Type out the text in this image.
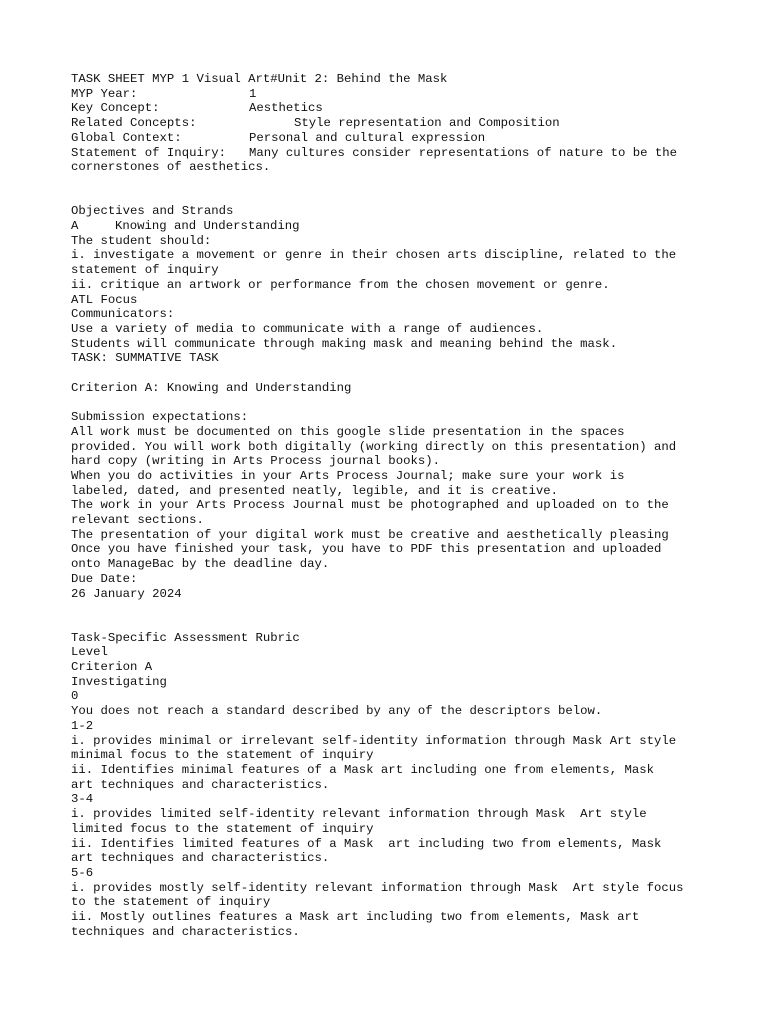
TASK SHEET MYP 1 Visual Art#Unit 2: Behind the Mask

MYP Year:	1
Key Concept:	Aesthetics
Related Concepts:	Style representation and Composition
Global Context:	Personal and cultural expression
Statement of Inquiry:	Many cultures consider representations of nature to be the

cornerstones of aesthetics.

Objectives and Strands

A	Knowing and Understanding

The student should:

i. investigate a movement or genre in their chosen arts discipline, related to the

statement of inquiry

ii. critique an artwork or performance from the chosen movement or genre.

ATL Focus

Communicators:

Use a variety of media to communicate with a range of audiences.

Students will communicate through making mask and meaning behind the mask.

TASK: SUMMATIVE TASK

Criterion A: Knowing and Understanding

Submission expectations:

All work must be documented on this google slide presentation in the spaces

provided. You will work both digitally (working directly on this presentation) and

hard copy (writing in Arts Process journal books).

When you do activities in your Arts Process Journal; make sure your work is

labeled, dated, and presented neatly, legible, and it is creative.

The work in your Arts Process Journal must be photographed and uploaded on to the

relevant sections.

The presentation of your digital work must be creative and aesthetically pleasing

Once you have finished your task, you have to PDF this presentation and uploaded

onto ManageBac by the deadline day.

Due Date:

26 January 2024

Task-Specific Assessment Rubric

Level

Criterion A

Investigating

0

You does not reach a standard described by any of the descriptors below.

1-2

i. provides minimal or irrelevant self-identity information through Mask Art style

minimal focus to the statement of inquiry

ii. Identifies minimal features of a Mask art including one from elements, Mask

art techniques and characteristics.

3-4

i. provides limited self-identity relevant information through Mask  Art style

limited focus to the statement of inquiry

ii. Identifies limited features of a Mask  art including two from elements, Mask

art techniques and characteristics.

5-6

i. provides mostly self-identity relevant information through Mask  Art style focus

to the statement of inquiry

ii. Mostly outlines features a Mask art including two from elements, Mask art

techniques and characteristics.
